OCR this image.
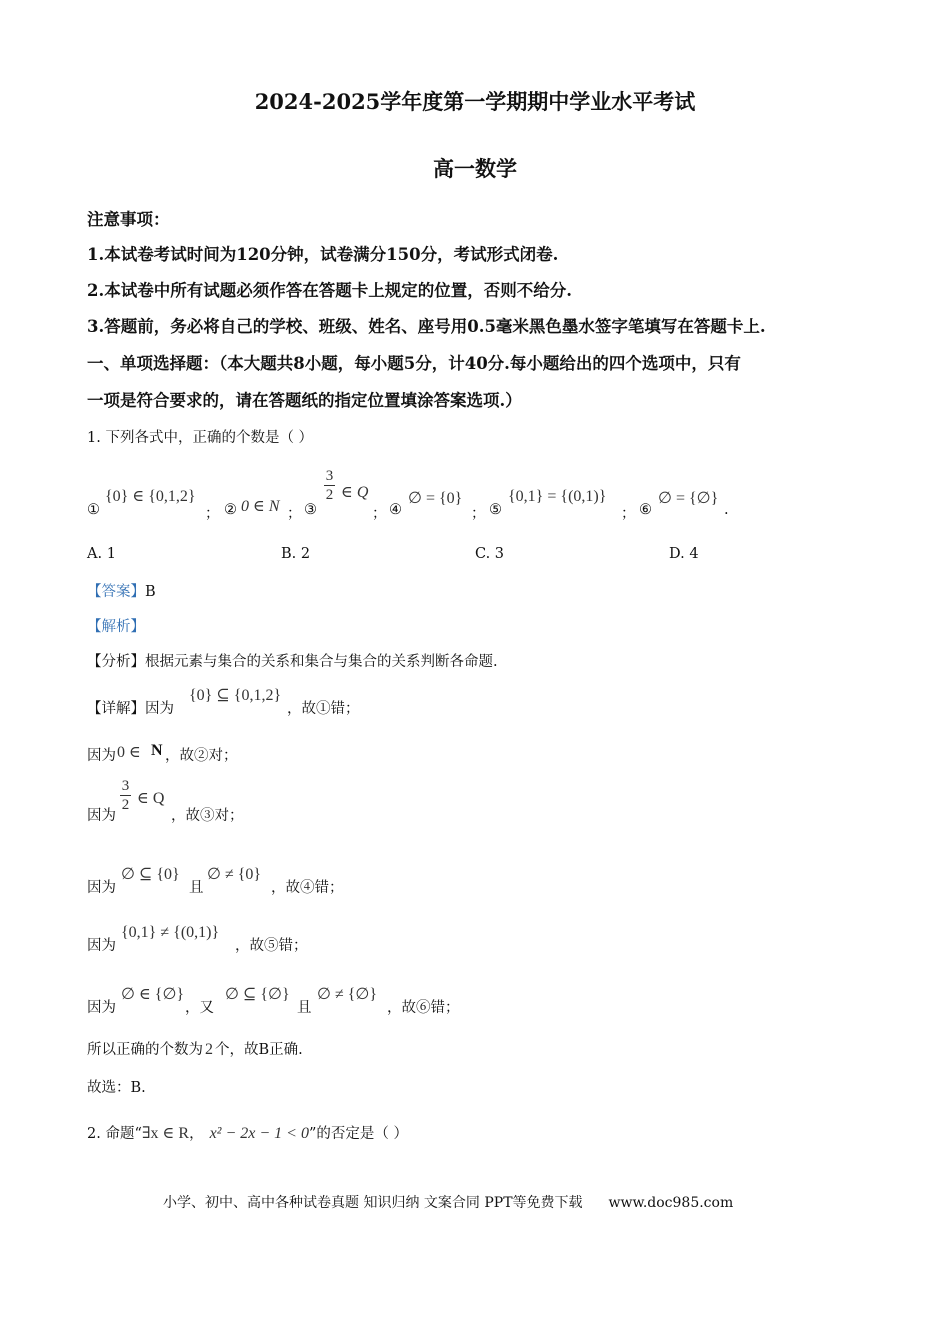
2024-2025学年度第一学期期中学业水平考试
高一数学
注意事项：
1.本试卷考试时间为120分钟，试卷满分150分，考试形式闭卷.
2.本试卷中所有试题必须作答在答题卡上规定的位置，否则不给分.
3.答题前，务必将自己的学校、班级、姓名、座号用0.5毫米黑色墨水签字笔填写在答题卡上.
一、单项选择题：（本大题共8小题，每小题5分，计40分.每小题给出的四个选项中，只有
一项是符合要求的，请在答题纸的指定位置填涂答案选项.）
1. 下列各式中，正确的个数是（ ）
①
{0} ∈ {0,1,2}
； ② 0 ∈ N ； ③
3
2 ∈ Q
； ④
∅ = {0}
； ⑤
{0,1} = {(0,1)}
； ⑥
∅ = {∅}
.
A. 1	B. 2	C. 3	D. 4
【答案】B
【解析】
【分析】根据元素与集合的关系和集合与集合的关系判断各命题.
【详解】 因为
{0} ⊆ {0,1,2}
，故①错；
因为 0 ∈ N ，故②对；
因为
3
2 ∈ Q
，故③对；
因为
∅ ⊆ {0}
且
∅ ≠ {0}
，故④错；
因为
{0,1} ≠ {(0,1)}
，故⑤错；
因为
∅ ∈ {∅}
，又
∅ ⊆ {∅}
且
∅ ≠ {∅}
，故⑥错；
所以正确的个数为 2 个，故B正确.
故选：B.
2. 命题“∃x ∈ R， x² − 2x − 1 < 0”的否定是（ ）
小学、初中、高中各种试卷真题 知识归纳 文案合同 PPT等免费下载 www.doc985.com
